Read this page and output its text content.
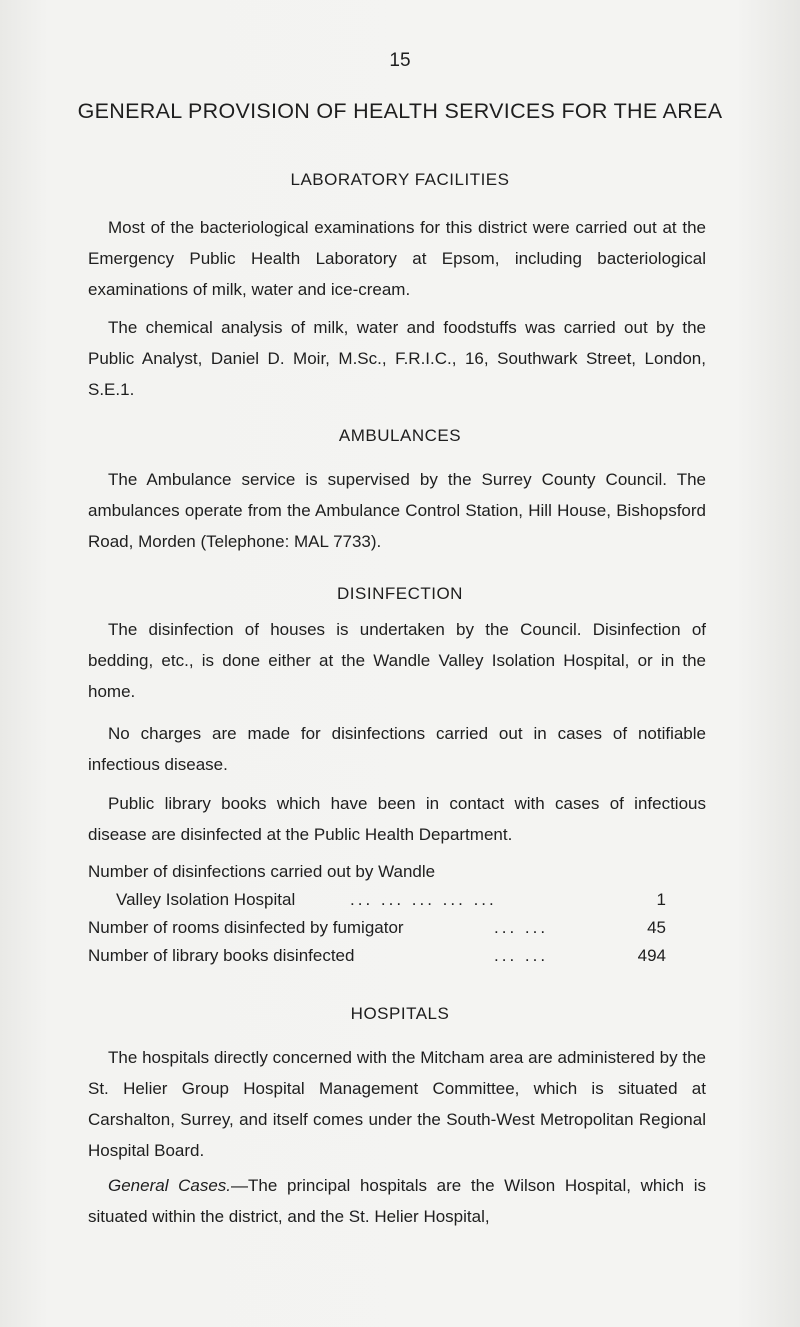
15
GENERAL PROVISION OF HEALTH SERVICES FOR THE AREA
LABORATORY FACILITIES

Most of the bacteriological examinations for this district were carried out at the Emergency Public Health Laboratory at Epsom, including bacteriological examinations of milk, water and ice-cream.

The chemical analysis of milk, water and foodstuffs was carried out by the Public Analyst, Daniel D. Moir, M.Sc., F.R.I.C., 16, Southwark Street, London, S.E.1.

AMBULANCES

The Ambulance service is supervised by the Surrey County Council. The ambulances operate from the Ambulance Control Station, Hill House, Bishopsford Road, Morden (Telephone: MAL 7733).

DISINFECTION

The disinfection of houses is undertaken by the Council. Disinfection of bedding, etc., is done either at the Wandle Valley Isolation Hospital, or in the home.

No charges are made for disinfections carried out in cases of notifiable infectious disease.

Public library books which have been in contact with cases of infectious disease are disinfected at the Public Health Department.

Number of disinfections carried out by Wandle
Valley Isolation Hospital	... ... ... ... ...	1
Number of rooms disinfected by fumigator	... ...	45
Number of library books disinfected	... ...	494
HOSPITALS

The hospitals directly concerned with the Mitcham area are administered by the St. Helier Group Hospital Management Committee, which is situated at Carshalton, Surrey, and itself comes under the South-West Metropolitan Regional Hospital Board.

General Cases.—The principal hospitals are the Wilson Hospital, which is situated within the district, and the St. Helier Hospital,
